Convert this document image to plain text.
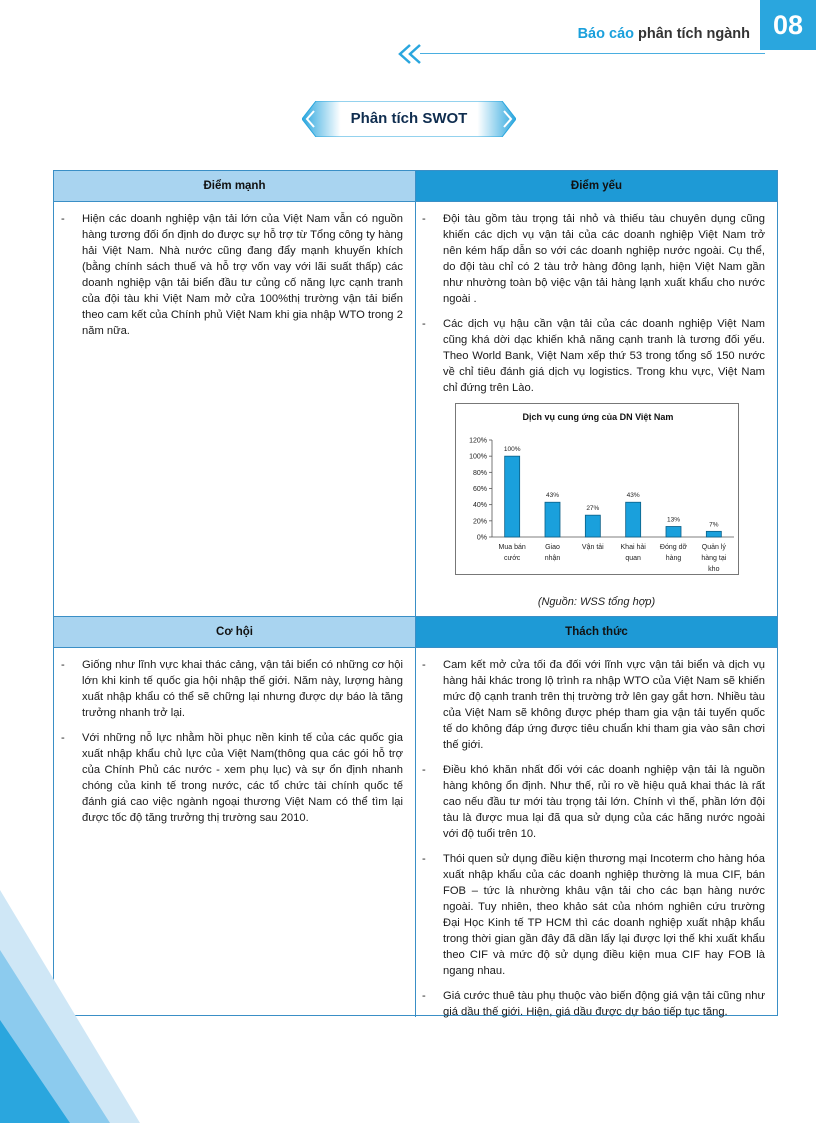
Báo cáo phân tích ngành 08
Phân tích SWOT
Điểm mạnh	Điểm yếu
- Hiện các doanh nghiệp vận tải lớn của Việt Nam vẫn có nguồn hàng tương đối ổn định do được sự hỗ trợ từ Tổng công ty hàng hải Việt Nam. Nhà nước cũng đang đẩy mạnh khuyến khích (bằng chính sách thuế và hỗ trợ vốn vay với lãi suất thấp) các doanh nghiệp vận tải biển đầu tư củng cố năng lực cạnh tranh của đội tàu khi Việt Nam mở cửa 100%thị trường vận tải biển theo cam kết của Chính phủ Việt Nam khi gia nhập WTO trong 2 năm nữa.
- Đội tàu gồm tàu trọng tải nhỏ và thiếu tàu chuyên dụng cũng khiến các dịch vụ vận tải của các doanh nghiệp Việt Nam trở nên kém hấp dẫn so với các doanh nghiệp nước ngoài. Cụ thể, do đội tàu chỉ có 2 tàu trở hàng đông lạnh, hiện Việt Nam gần như nhường toàn bộ việc vận tải hàng lạnh xuất khẩu cho nước ngoài .
- Các dịch vụ hậu cần vận tải của các doanh nghiệp Việt Nam cũng khá dời dạc khiến khả năng cạnh tranh là tương đối yếu. Theo World Bank, Việt Nam xếp thứ 53 trong tổng số 150 nước về chỉ tiêu đánh giá dịch vụ logistics. Trong khu vực, Việt Nam chỉ đứng trên Lào.
Dịch vụ cung ứng của DN Việt Nam
0%
20%
40%
60%
80%
100%
120%
100%
Mua bán
cước
43%
Giao
nhận
27%
Vận tải
43%
Khai hải
quan
13%
Đóng dỡ
hàng
7%
Quản lý
hàng tại
kho
(Nguồn: WSS tổng hợp)
Cơ hội	Thách thức
- Giống như lĩnh vực khai thác cảng, vận tải biển có những cơ hội lớn khi kinh tế quốc gia hội nhập thế giới. Năm này, lượng hàng xuất nhập khẩu có thể sẽ chững lại nhưng được dự báo là tăng trưởng nhanh trở lại.
- Với những nỗ lực nhằm hồi phục nền kinh tế của các quốc gia xuất nhập khẩu chủ lực của Việt Nam(thông qua các gói hỗ trợ của Chính Phủ các nước - xem phụ lục) và sự ổn định nhanh chóng của kinh tế trong nước, các tổ chức tài chính quốc tế đánh giá cao việc ngành ngoại thương Việt Nam có thể tìm lại được tốc độ tăng trưởng thị trường sau 2010.
- Cam kết mở cửa tối đa đối với lĩnh vực vận tải biển và dịch vụ hàng hải khác trong lộ trình ra nhập WTO của Việt Nam sẽ khiến mức độ cạnh tranh trên thị trường trở lên gay gắt hơn. Nhiều tàu của Việt Nam sẽ không được phép tham gia vận tải tuyến quốc tế do không đáp ứng được tiêu chuẩn khi tham gia vào sân chơi thế giới.
- Điều khó khăn nhất đối với các doanh nghiệp vận tải là nguồn hàng không ổn định. Như thế, rủi ro về hiệu quả khai thác là rất cao nếu đầu tư mới tàu trọng tải lớn. Chính vì thế, phần lớn đội tàu là được mua lại đã qua sử dụng của các hãng nước ngoài với độ tuổi trên 10.
- Thói quen sử dụng điều kiện thương mại Incoterm cho hàng hóa xuất nhập khẩu của các doanh nghiệp thường là mua CIF, bán FOB – tức là nhường khâu vận tải cho các bạn hàng nước ngoài. Tuy nhiên, theo khảo sát của nhóm nghiên cứu trường Đại Học Kinh tế TP HCM thì các doanh nghiệp xuất nhập khẩu trong thời gian gần đây đã dần lấy lại được lợi thế khi xuất khẩu theo CIF và mức độ sử dụng điều kiện mua CIF hay FOB là ngang nhau.
- Giá cước thuê tàu phụ thuộc vào biến động giá vận tải cũng như giá dầu thế giới. Hiện, giá dầu được dự báo tiếp tục tăng.
